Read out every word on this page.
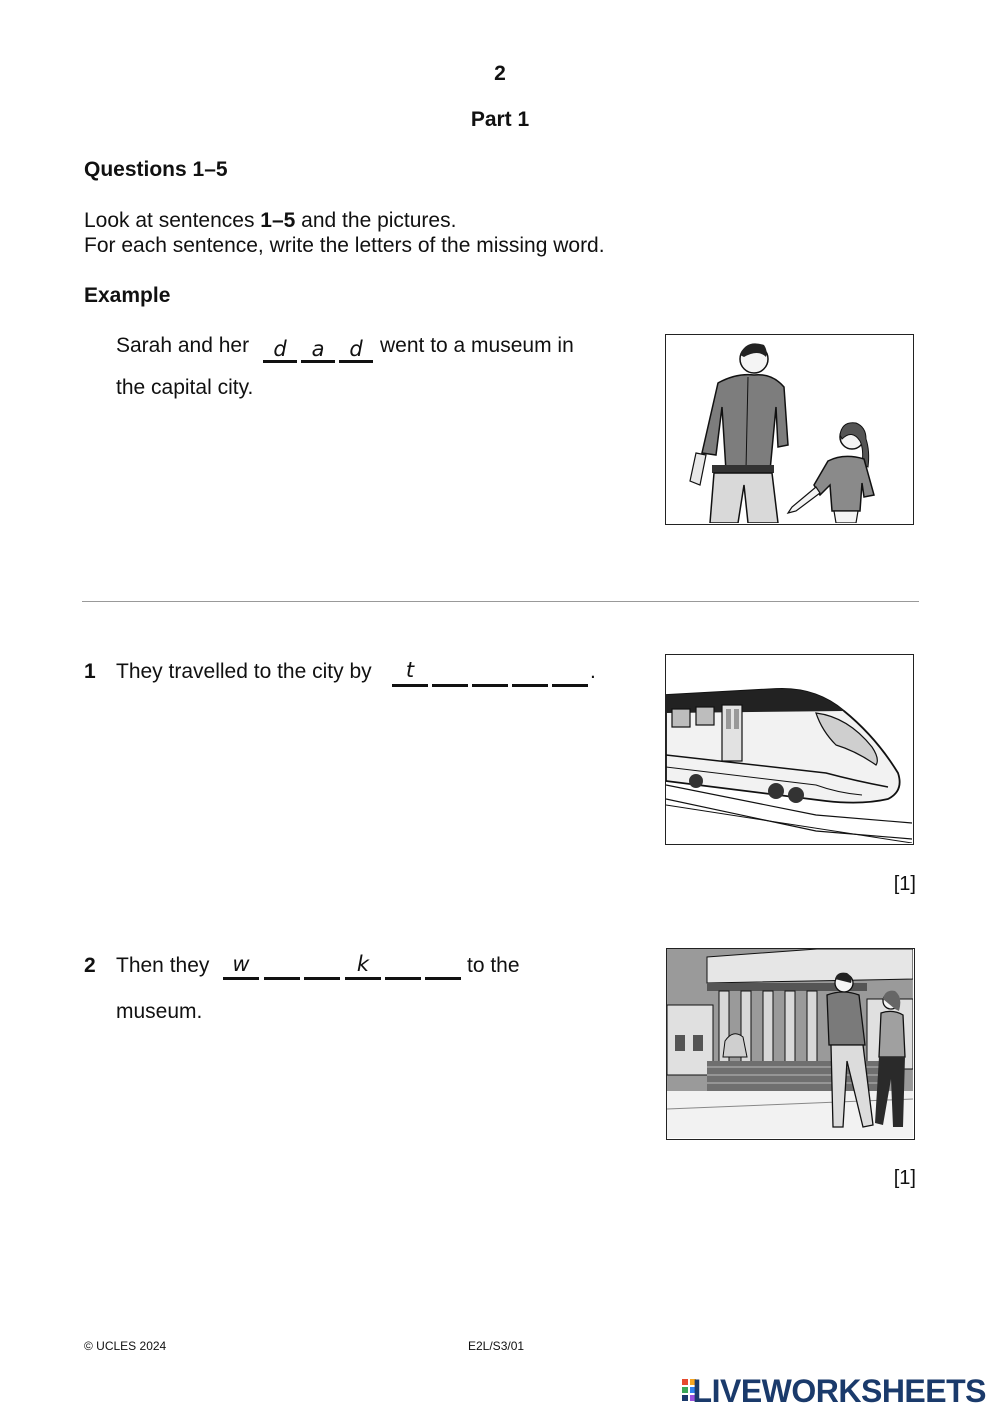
2
Part 1
Questions 1–5
Look at sentences 1–5 and the pictures.
For each sentence, write the letters of the missing word.
Example
Sarah and her	d	a	d went to a museum in
the capital city.
1 They travelled to the city by
t	.
[1]
2 Then they
w
k	to the
museum.
[1]
© UCLES 2024	E2L/S3/01
LIVEWORKSHEETS
